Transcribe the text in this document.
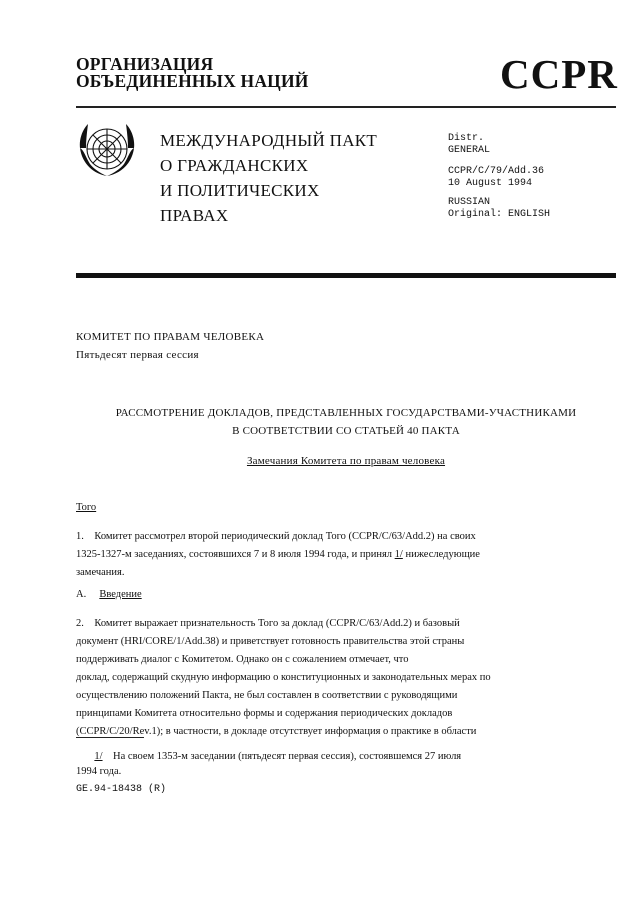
ОРГАНИЗАЦИЯ
ОБЪЕДИНЕННЫХ НАЦИЙ	CCPR
МЕЖДУНАРОДНЫЙ ПАКТ
О ГРАЖДАНСКИХ
И ПОЛИТИЧЕСКИХ
ПРАВАХ
Distr.
GENERAL
CCPR/C/79/Add.36
10 August 1994
RUSSIAN
Original: ENGLISH
КОМИТЕТ ПО ПРАВАМ ЧЕЛОВЕКА
Пятьдесят первая сессия
РАССМОТРЕНИЕ ДОКЛАДОВ, ПРЕДСТАВЛЕННЫХ ГОСУДАРСТВАМИ-УЧАСТНИКАМИ
В СООТВЕТСТВИИ СО СТАТЬЕЙ 40 ПАКТА
Замечания Комитета по правам человека
Того
1. Комитет рассмотрел второй периодический доклад Того (CCPR/C/63/Add.2) на своих
1325-1327-м заседаниях, состоявшихся 7 и 8 июля 1994 года, и принял 1/ нижеследующие
замечания.
A. Введение
2. Комитет выражает признательность Того за доклад (CCPR/C/63/Add.2) и базовый
документ (HRI/CORE/1/Add.38) и приветствует готовность правительства этой страны
поддерживать диалог с Комитетом. Однако он с сожалением отмечает, что
доклад, содержащий скудную информацию о конституционных и законодательных мерах по
осуществлению положений Пакта, не был составлен в соответствии с руководящими
принципами Комитета относительно формы и содержания периодических докладов
(CCPR/C/20/Rev.1); в частности, в докладе отсутствует информация о практике в области
1/ На своем 1353-м заседании (пятьдесят первая сессия), состоявшемся 27 июля
1994 года.
GE.94-18438 (R)
